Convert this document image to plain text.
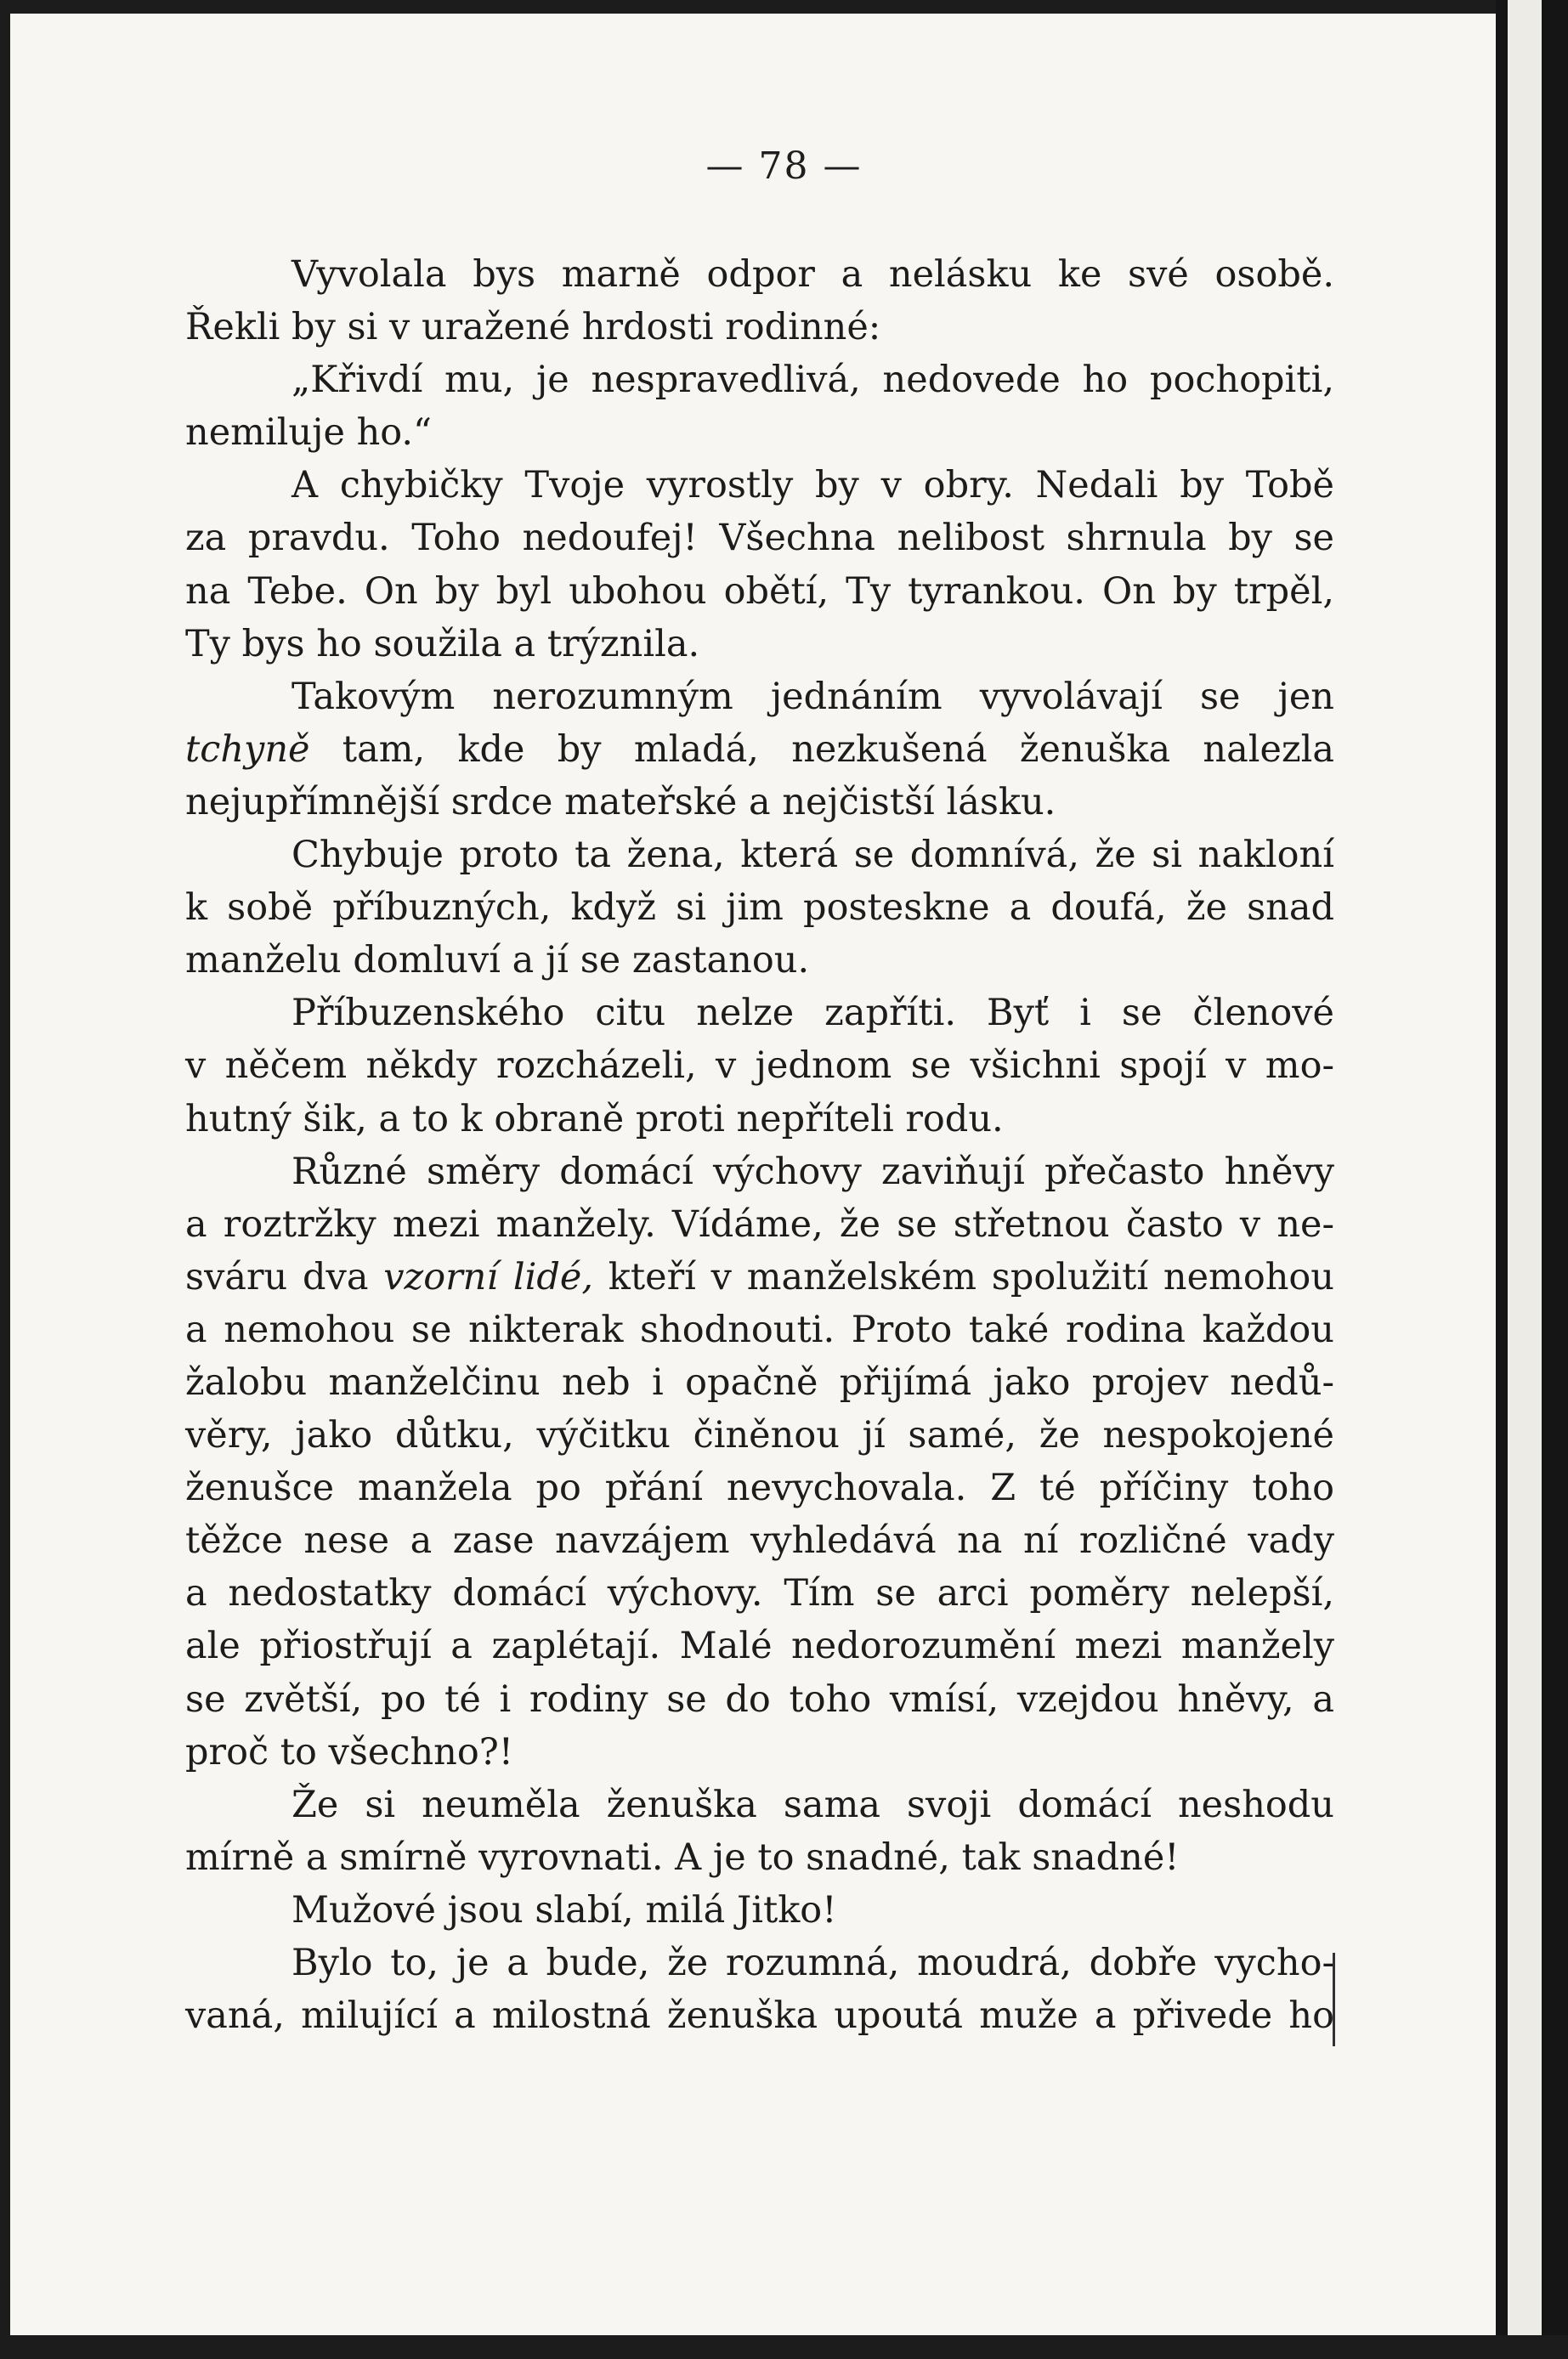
— 78 —
Vyvolala bys marně odpor a nelásku ke své osobě.
Řekli by si v uražené hrdosti rodinné:
„Křivdí mu, je nespravedlivá, nedovede ho pochopiti,
nemiluje ho.“
A chybičky Tvoje vyrostly by v obry. Nedali by Tobě
za pravdu. Toho nedoufej! Všechna nelibost shrnula by se
na Tebe. On by byl ubohou obětí, Ty tyrankou. On by trpěl,
Ty bys ho soužila a trýznila.
Takovým nerozumným jednáním vyvolávají se jen
tchyně tam, kde by mladá, nezkušená ženuška nalezla
nejupřímnější srdce mateřské a nejčistší lásku.
Chybuje proto ta žena, která se domnívá, že si nakloní
k sobě příbuzných, když si jim posteskne a doufá, že snad
manželu domluví a jí se zastanou.
Příbuzenského citu nelze zapříti. Byť i se členové
v něčem někdy rozcházeli, v jednom se všichni spojí v mo-
hutný šik, a to k obraně proti nepříteli rodu.
Různé směry domácí výchovy zaviňují přečasto hněvy
a roztržky mezi manžely. Vídáme, že se střetnou často v ne-
sváru dva vzorní lidé, kteří v manželském spolužití nemohou
a nemohou se nikterak shodnouti. Proto také rodina každou
žalobu manželčinu neb i opačně přijímá jako projev nedů-
věry, jako důtku, výčitku činěnou jí samé, že nespokojené
ženušce manžela po přání nevychovala. Z té příčiny toho
těžce nese a zase navzájem vyhledává na ní rozličné vady
a nedostatky domácí výchovy. Tím se arci poměry nelepší,
ale přiostřují a zaplétají. Malé nedorozumění mezi manžely
se zvětší, po té i rodiny se do toho vmísí, vzejdou hněvy, a
proč to všechno?!
Že si neuměla ženuška sama svoji domácí neshodu
mírně a smírně vyrovnati. A je to snadné, tak snadné!
Mužové jsou slabí, milá Jitko!
Bylo to, je a bude, že rozumná, moudrá, dobře vycho-
vaná, milující a milostná ženuška upoutá muže a přivede ho
